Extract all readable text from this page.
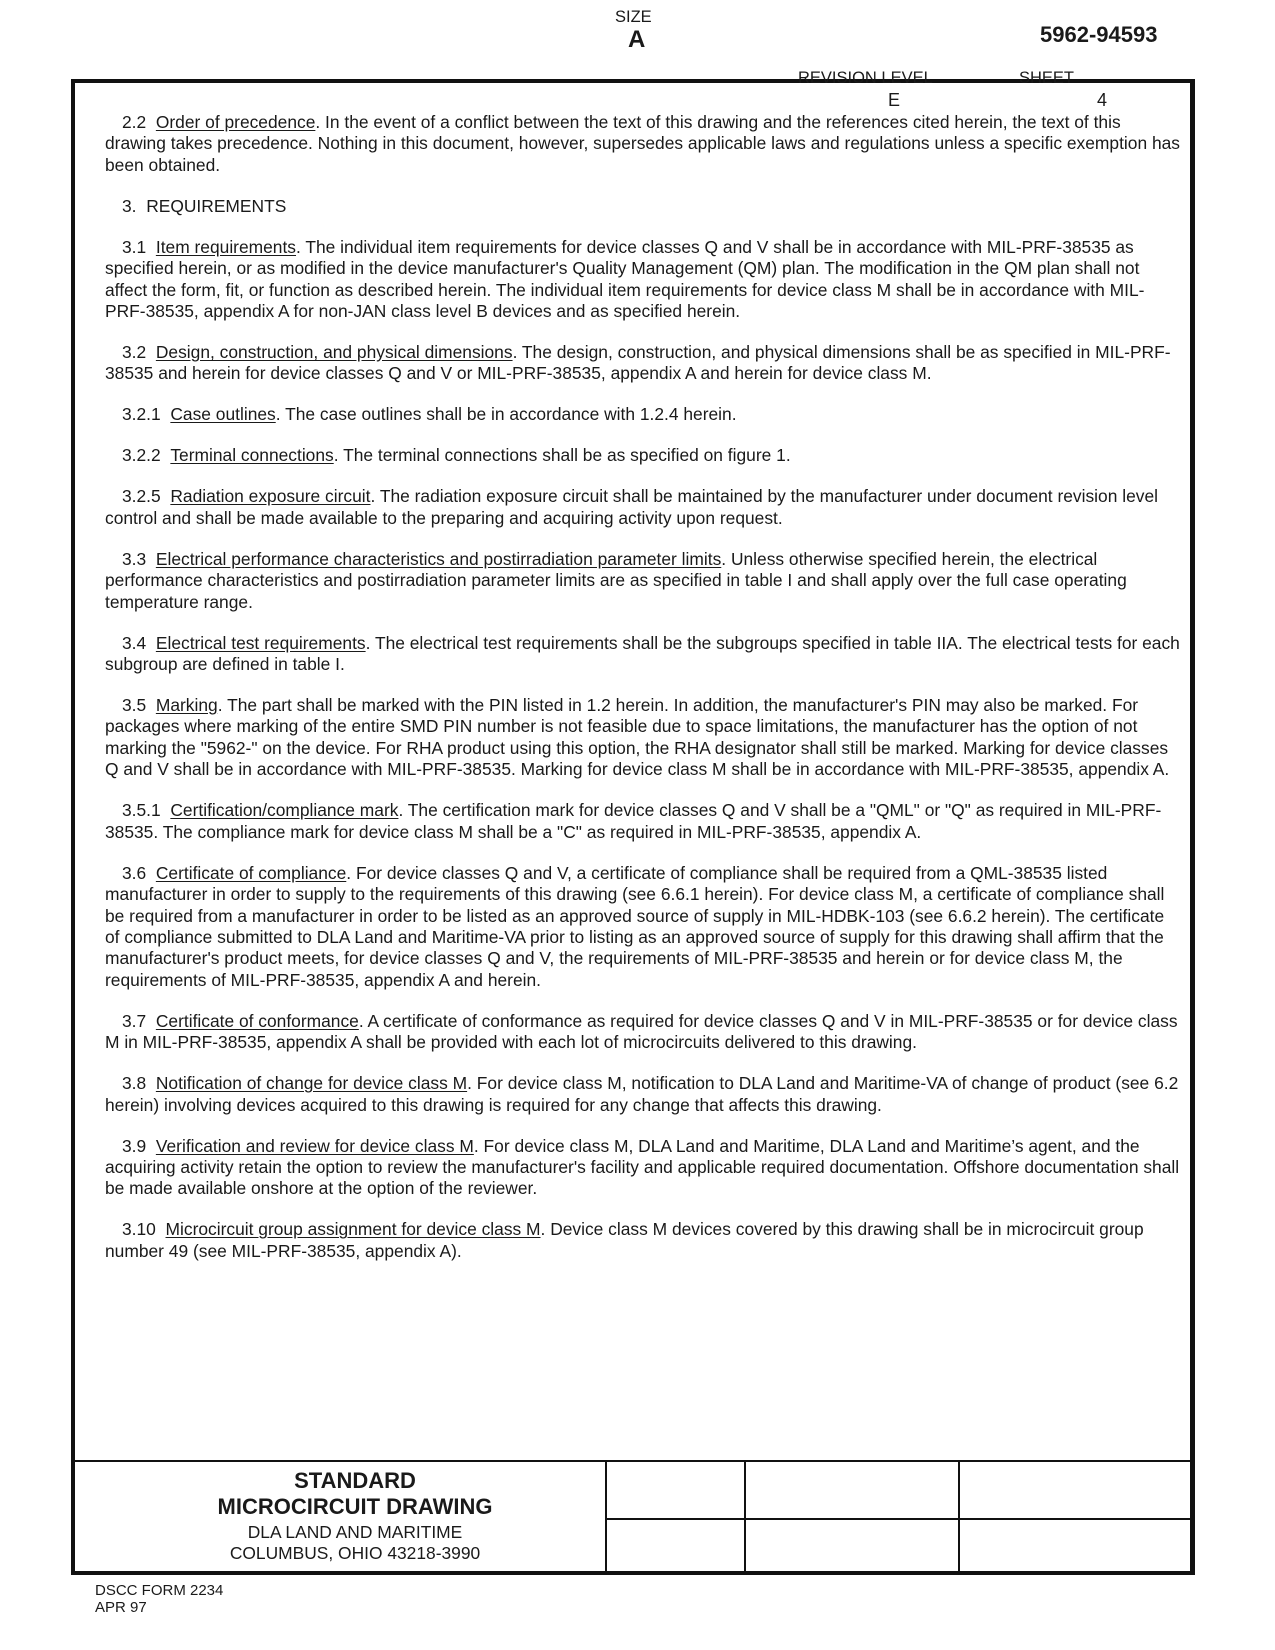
2.2 Order of precedence. In the event of a conflict between the text of this drawing and the references cited herein, the text of this drawing takes precedence. Nothing in this document, however, supersedes applicable laws and regulations unless a specific exemption has been obtained.

3. REQUIREMENTS

3.1 Item requirements. The individual item requirements for device classes Q and V shall be in accordance with MIL-PRF-38535 as specified herein, or as modified in the device manufacturer's Quality Management (QM) plan. The modification in the QM plan shall not affect the form, fit, or function as described herein. The individual item requirements for device class M shall be in accordance with MIL-PRF-38535, appendix A for non-JAN class level B devices and as specified herein.

3.2 Design, construction, and physical dimensions. The design, construction, and physical dimensions shall be as specified in MIL-PRF-38535 and herein for device classes Q and V or MIL-PRF-38535, appendix A and herein for device class M.

3.2.1 Case outlines. The case outlines shall be in accordance with 1.2.4 herein.

3.2.2 Terminal connections. The terminal connections shall be as specified on figure 1.

3.2.5 Radiation exposure circuit. The radiation exposure circuit shall be maintained by the manufacturer under document revision level control and shall be made available to the preparing and acquiring activity upon request.

3.3 Electrical performance characteristics and postirradiation parameter limits. Unless otherwise specified herein, the electrical performance characteristics and postirradiation parameter limits are as specified in table I and shall apply over the full case operating temperature range.

3.4 Electrical test requirements. The electrical test requirements shall be the subgroups specified in table IIA. The electrical tests for each subgroup are defined in table I.

3.5 Marking. The part shall be marked with the PIN listed in 1.2 herein. In addition, the manufacturer's PIN may also be marked. For packages where marking of the entire SMD PIN number is not feasible due to space limitations, the manufacturer has the option of not marking the "5962-" on the device. For RHA product using this option, the RHA designator shall still be marked. Marking for device classes Q and V shall be in accordance with MIL-PRF-38535. Marking for device class M shall be in accordance with MIL-PRF-38535, appendix A.

3.5.1 Certification/compliance mark. The certification mark for device classes Q and V shall be a "QML" or "Q" as required in MIL-PRF-38535. The compliance mark for device class M shall be a "C" as required in MIL-PRF-38535, appendix A.

3.6 Certificate of compliance. For device classes Q and V, a certificate of compliance shall be required from a QML-38535 listed manufacturer in order to supply to the requirements of this drawing (see 6.6.1 herein). For device class M, a certificate of compliance shall be required from a manufacturer in order to be listed as an approved source of supply in MIL-HDBK-103 (see 6.6.2 herein). The certificate of compliance submitted to DLA Land and Maritime-VA prior to listing as an approved source of supply for this drawing shall affirm that the manufacturer's product meets, for device classes Q and V, the requirements of MIL-PRF-38535 and herein or for device class M, the requirements of MIL-PRF-38535, appendix A and herein.

3.7 Certificate of conformance. A certificate of conformance as required for device classes Q and V in MIL-PRF-38535 or for device class M in MIL-PRF-38535, appendix A shall be provided with each lot of microcircuits delivered to this drawing.

3.8 Notification of change for device class M. For device class M, notification to DLA Land and Maritime-VA of change of product (see 6.2 herein) involving devices acquired to this drawing is required for any change that affects this drawing.

3.9 Verification and review for device class M. For device class M, DLA Land and Maritime, DLA Land and Maritime’s agent, and the acquiring activity retain the option to review the manufacturer's facility and applicable required documentation. Offshore documentation shall be made available onshore at the option of the reviewer.

3.10 Microcircuit group assignment for device class M. Device class M devices covered by this drawing shall be in microcircuit group number 49 (see MIL-PRF-38535, appendix A).

STANDARD
MICROCIRCUIT DRAWING
DLA LAND AND MARITIME
COLUMBUS, OHIO 43218-3990
SIZE
A	5962-94593
REVISION LEVEL
E
SHEET
4
DSCC FORM 2234
APR 97
